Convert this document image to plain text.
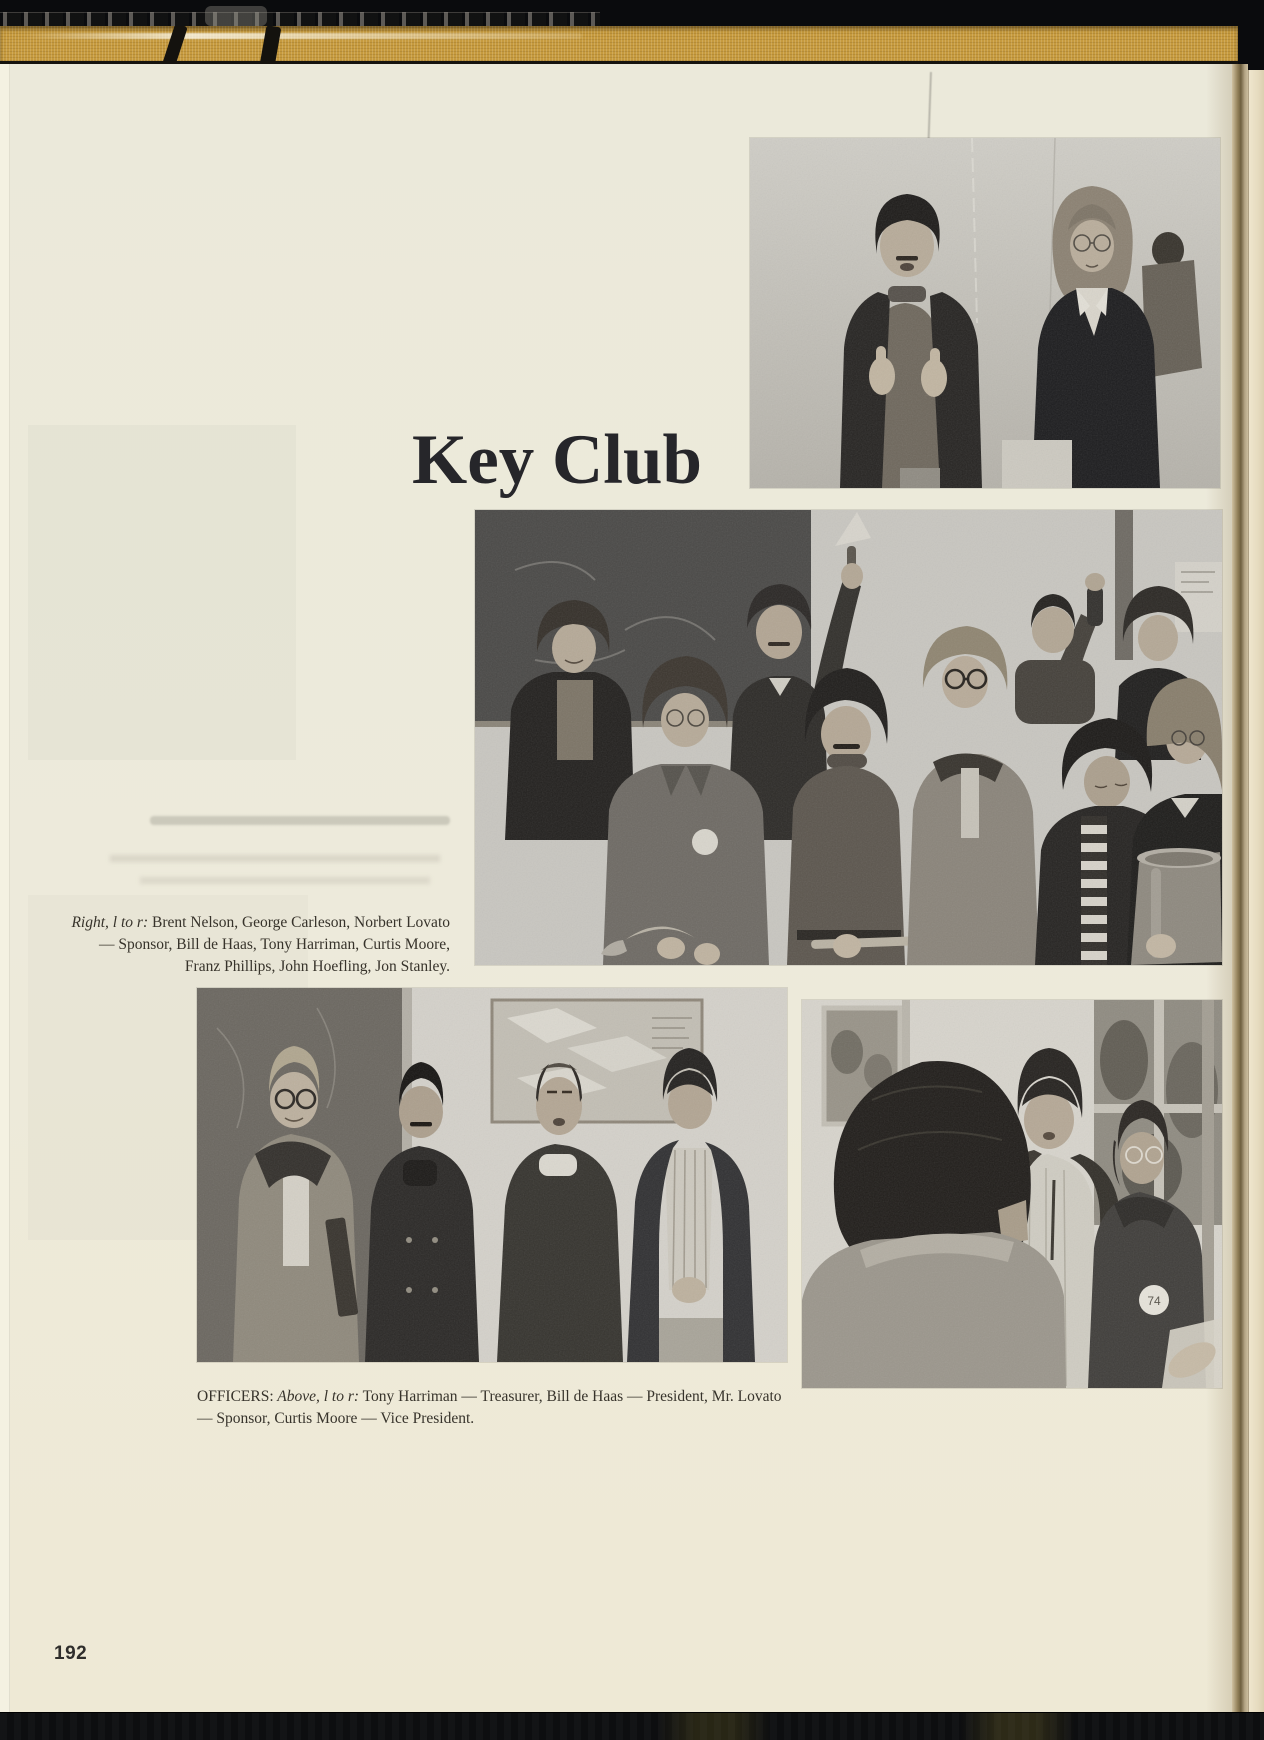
Key Club
74
Right, l to r: Brent Nelson, George Carleson, Norbert Lovato
— Sponsor, Bill de Haas, Tony Harriman, Curtis Moore,
Franz Phillips, John Hoefling, Jon Stanley.
OFFICERS: Above, l to r: Tony Harriman — Treasurer, Bill de Haas — President, Mr. Lovato
— Sponsor, Curtis Moore — Vice President.
192
